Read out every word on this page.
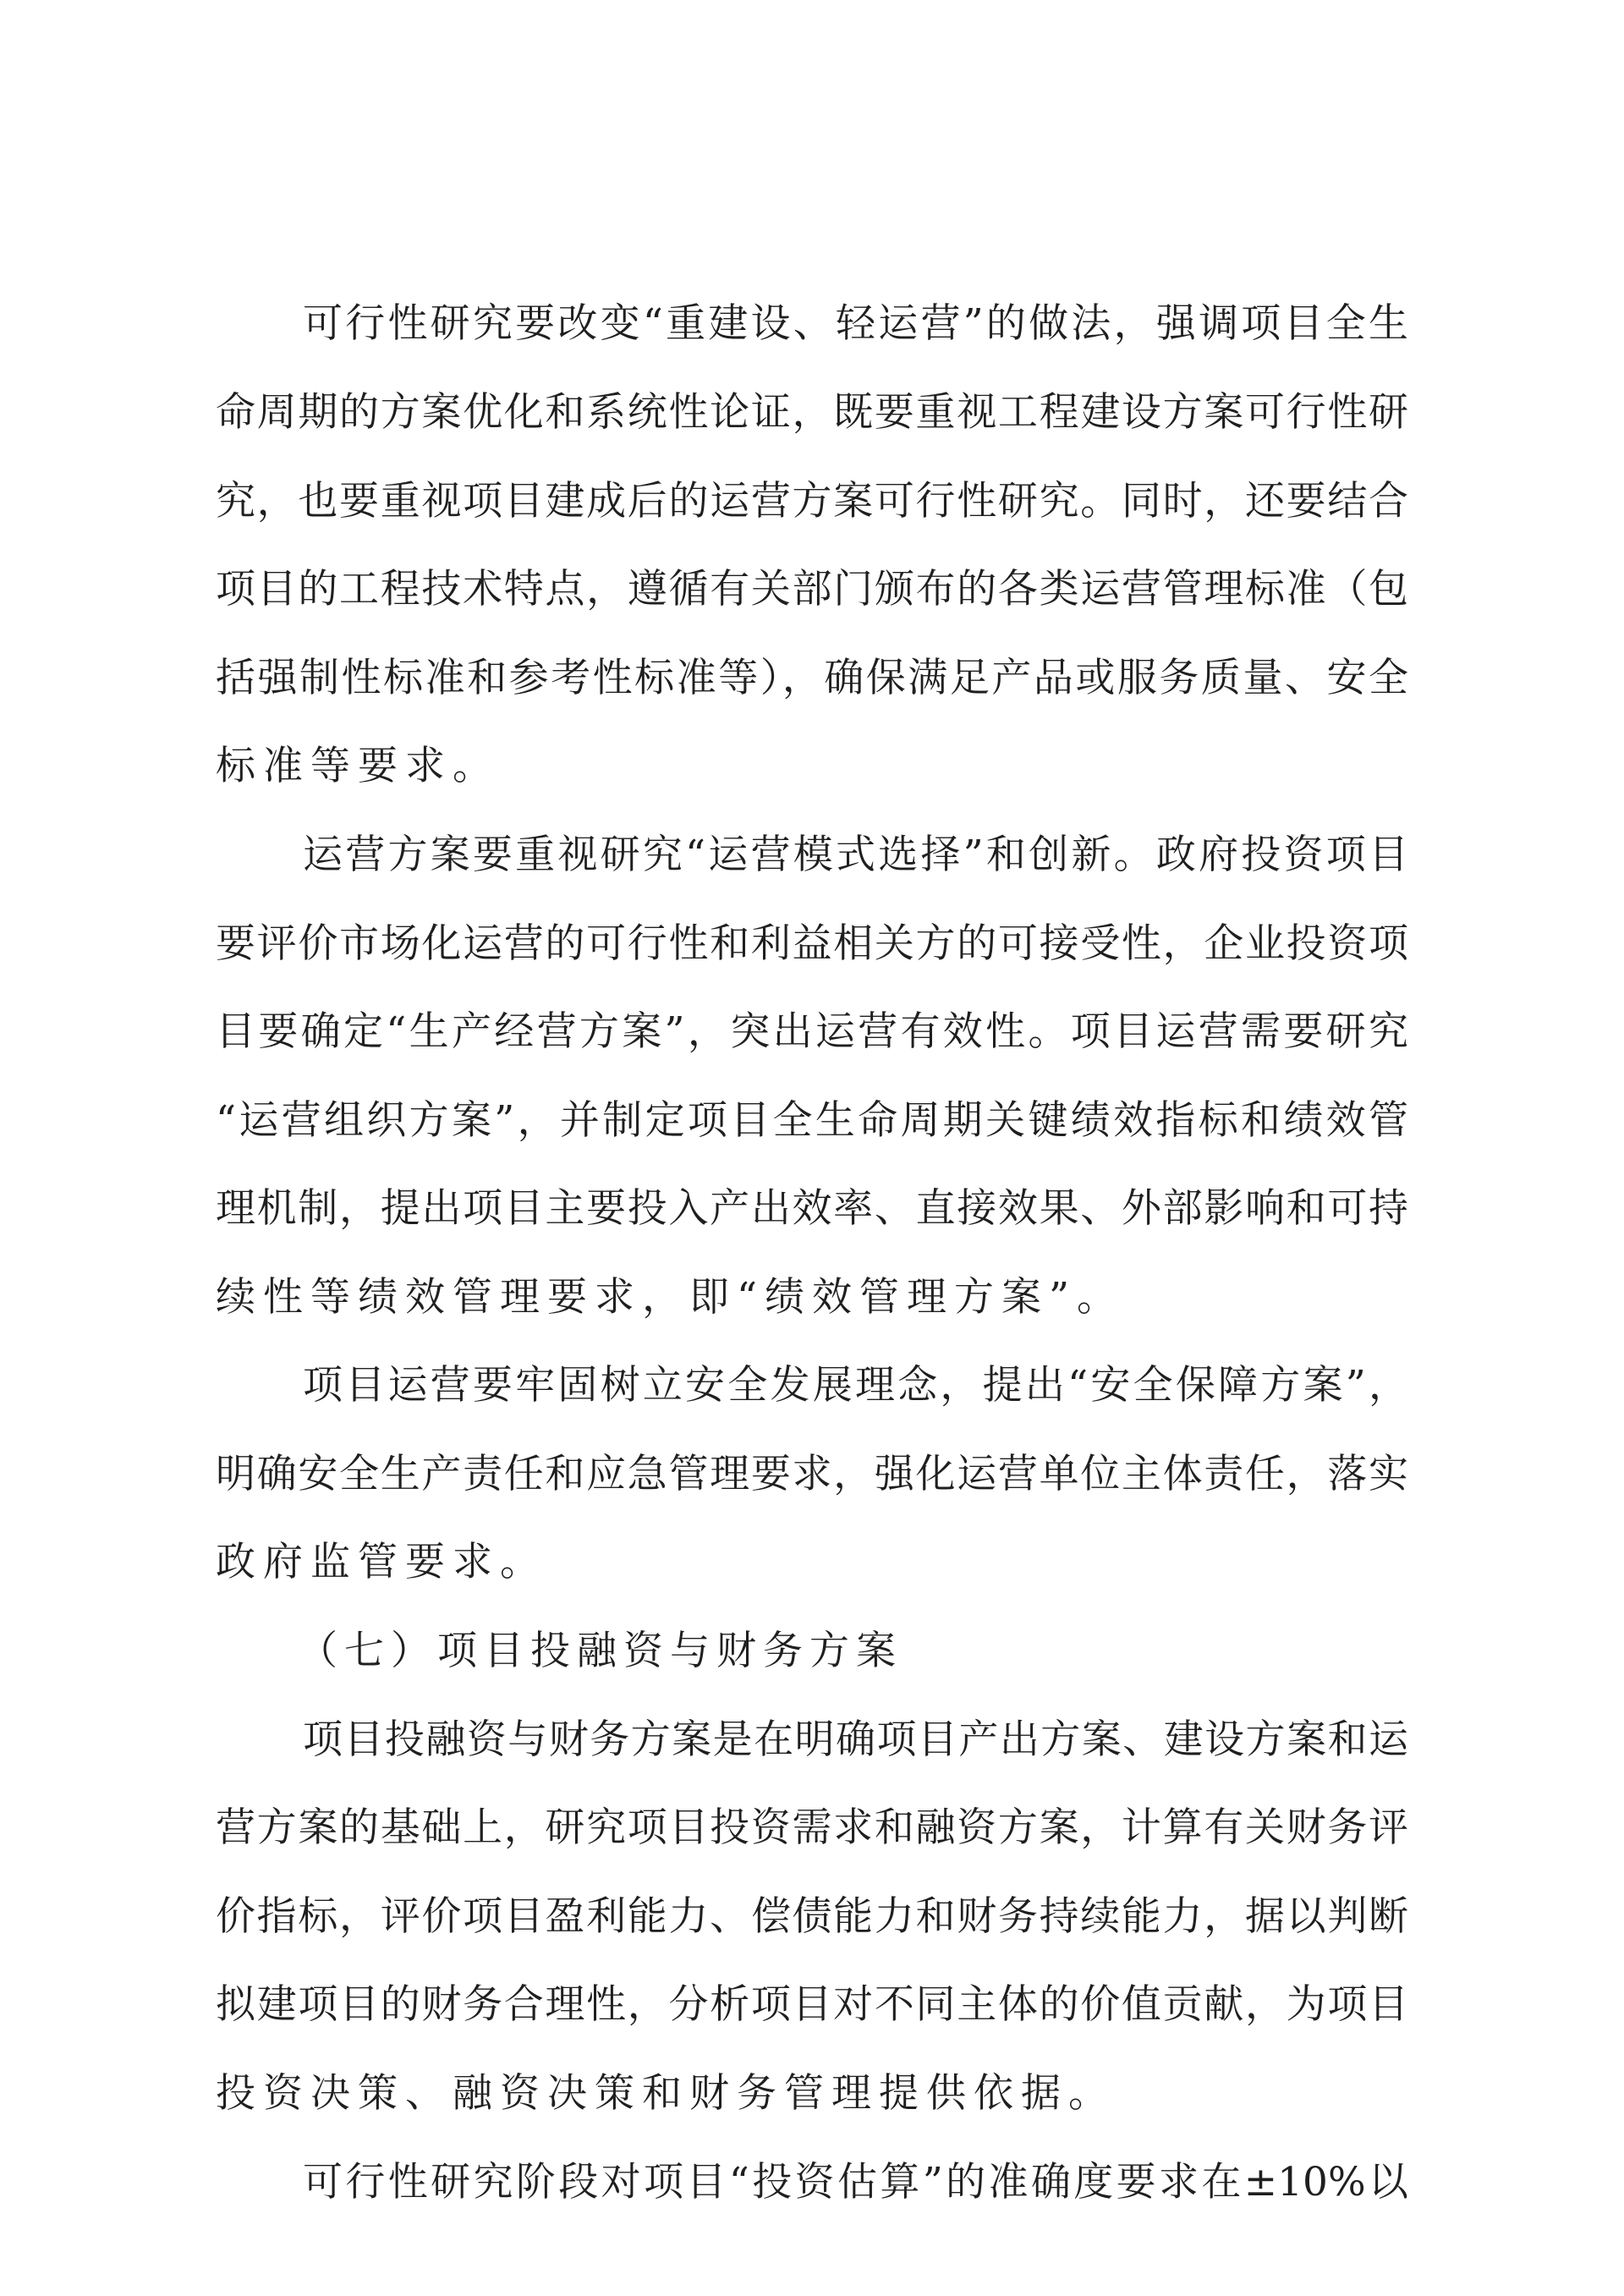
可行性研究要改变“重建设、轻运营”的做法，强调项目全生
命周期的方案优化和系统性论证，既要重视工程建设方案可行性研
究，也要重视项目建成后的运营方案可行性研究。同时，还要结合
项目的工程技术特点，遵循有关部门颁布的各类运营管理标准（包
括强制性标准和参考性标准等），确保满足产品或服务质量、安全
标准等要求。
运营方案要重视研究“运营模式选择”和创新。政府投资项目
要评价市场化运营的可行性和利益相关方的可接受性，企业投资项
目要确定“生产经营方案”，突出运营有效性。项目运营需要研究
“运营组织方案”，并制定项目全生命周期关键绩效指标和绩效管
理机制，提出项目主要投入产出效率、直接效果、外部影响和可持
续性等绩效管理要求，即“绩效管理方案”。
项目运营要牢固树立安全发展理念，提出“安全保障方案”，
明确安全生产责任和应急管理要求，强化运营单位主体责任，落实
政府监管要求。
（七）项目投融资与财务方案
项目投融资与财务方案是在明确项目产出方案、建设方案和运
营方案的基础上，研究项目投资需求和融资方案，计算有关财务评
价指标，评价项目盈利能力、偿债能力和财务持续能力，据以判断
拟建项目的财务合理性，分析项目对不同主体的价值贡献，为项目
投资决策、融资决策和财务管理提供依据。
可行性研究阶段对项目“投资估算”的准确度要求在±10%以
